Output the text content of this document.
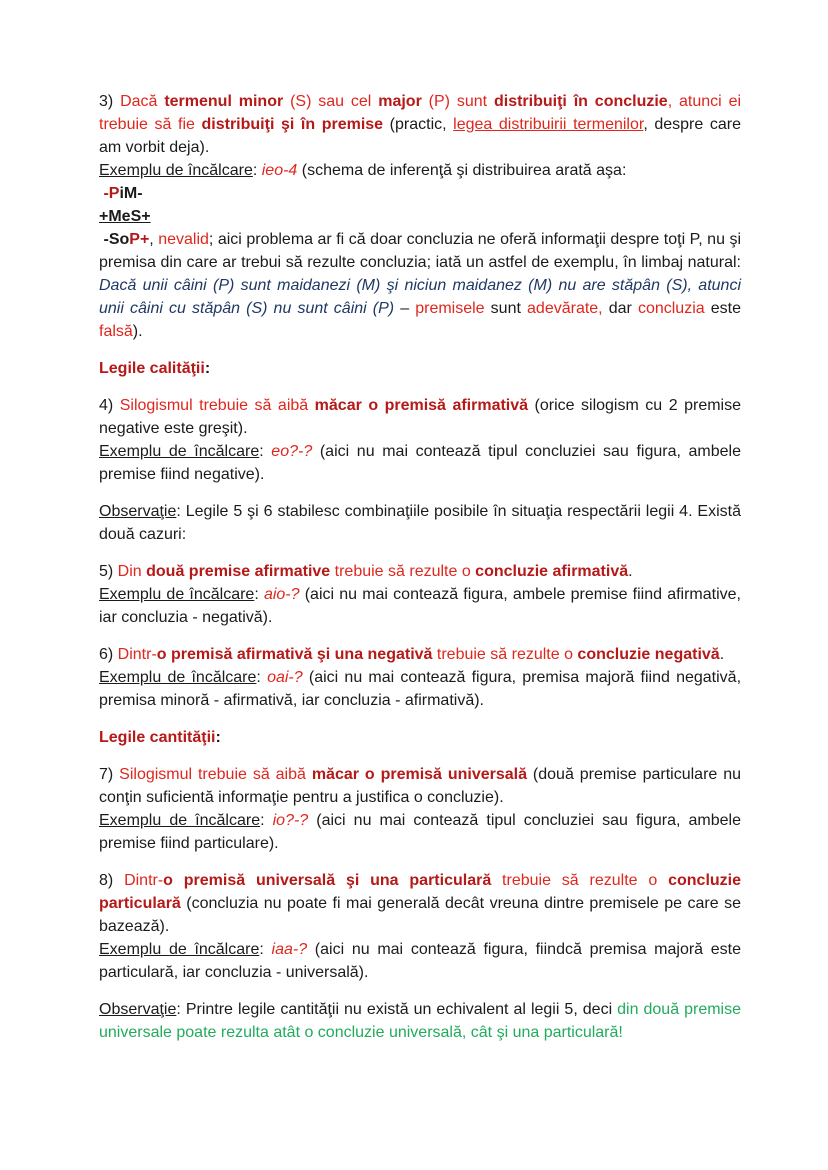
3) Dacă termenul minor (S) sau cel major (P) sunt distribuiţi în concluzie, atunci ei trebuie să fie distribuiţi şi în premise (practic, legea distribuirii termenilor, despre care am vorbit deja).

Exemplu de încălcare: ieo-4 (schema de inferenţă şi distribuirea arată aşa:

-PiM-

+MeS+

-SoP+, nevalid; aici problema ar fi că doar concluzia ne oferă informaţii despre toţi P, nu şi premisa din care ar trebui să rezulte concluzia; iată un astfel de exemplu, în limbaj natural: Dacă unii câini (P) sunt maidanezi (M) şi niciun maidanez (M) nu are stăpân (S), atunci unii câini cu stăpân (S) nu sunt câini (P) – premisele sunt adevărate, dar concluzia este falsă).

Legile calităţii:

4) Silogismul trebuie să aibă măcar o premisă afirmativă (orice silogism cu 2 premise negative este greşit).

Exemplu de încălcare: eo?-? (aici nu mai contează tipul concluziei sau figura, ambele premise fiind negative).

Observaţie: Legile 5 şi 6 stabilesc combinaţiile posibile în situaţia respectării legii 4. Există două cazuri:

5) Din două premise afirmative trebuie să rezulte o concluzie afirmativă.

Exemplu de încălcare: aio-? (aici nu mai contează figura, ambele premise fiind afirmative, iar concluzia - negativă).

6) Dintr-o premisă afirmativă şi una negativă trebuie să rezulte o concluzie negativă.

Exemplu de încălcare: oai-? (aici nu mai contează figura, premisa majoră fiind negativă, premisa minoră - afirmativă, iar concluzia - afirmativă).

Legile cantităţii:

7) Silogismul trebuie să aibă măcar o premisă universală (două premise particulare nu conţin suficientă informaţie pentru a justifica o concluzie).

Exemplu de încălcare: io?-? (aici nu mai contează tipul concluziei sau figura, ambele premise fiind particulare).

8) Dintr-o premisă universală şi una particulară trebuie să rezulte o concluzie particulară (concluzia nu poate fi mai generală decât vreuna dintre premisele pe care se bazează).

Exemplu de încălcare: iaa-? (aici nu mai contează figura, fiindcă premisa majoră este particulară, iar concluzia - universală).

Observaţie: Printre legile cantităţii nu există un echivalent al legii 5, deci din două premise universale poate rezulta atât o concluzie universală, cât şi una particulară!
